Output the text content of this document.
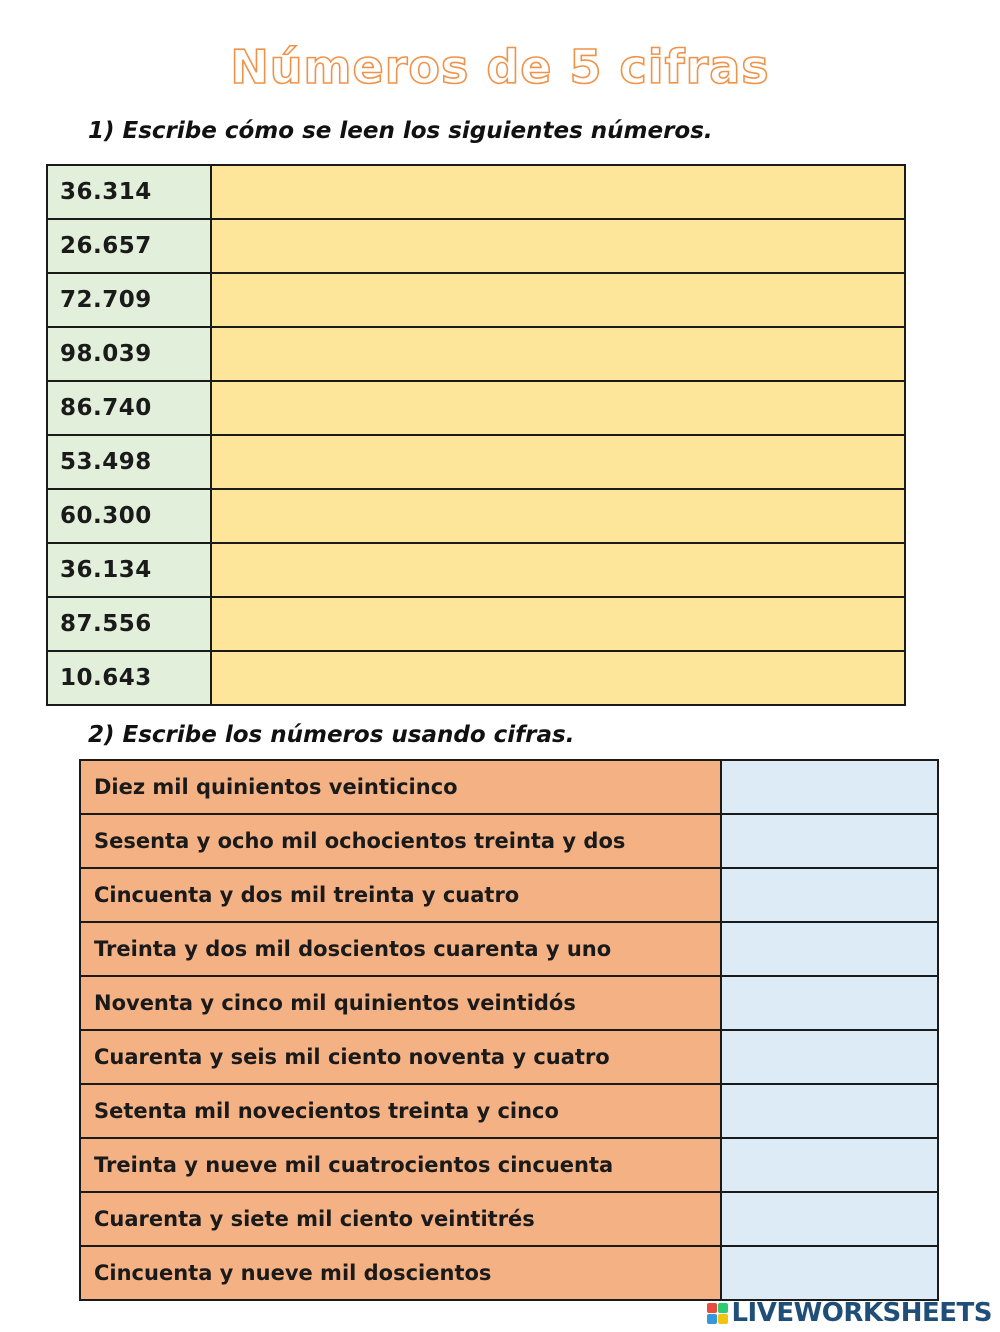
Números de 5 cifras
1) Escribe cómo se leen los siguientes números.
36.314	
26.657	
72.709	
98.039	
86.740	
53.498	
60.300	
36.134	
87.556	
10.643	
2) Escribe los números usando cifras.
Diez mil quinientos veinticinco	
Sesenta y ocho mil ochocientos treinta y dos	
Cincuenta y dos mil treinta y cuatro	
Treinta y dos mil doscientos cuarenta y uno	
Noventa y cinco mil quinientos veintidós	
Cuarenta y seis mil ciento noventa y cuatro	
Setenta mil novecientos treinta y cinco	
Treinta y nueve mil cuatrocientos cincuenta	
Cuarenta y siete mil ciento veintitrés	
Cincuenta y nueve mil doscientos	
LIVEWORKSHEETS
